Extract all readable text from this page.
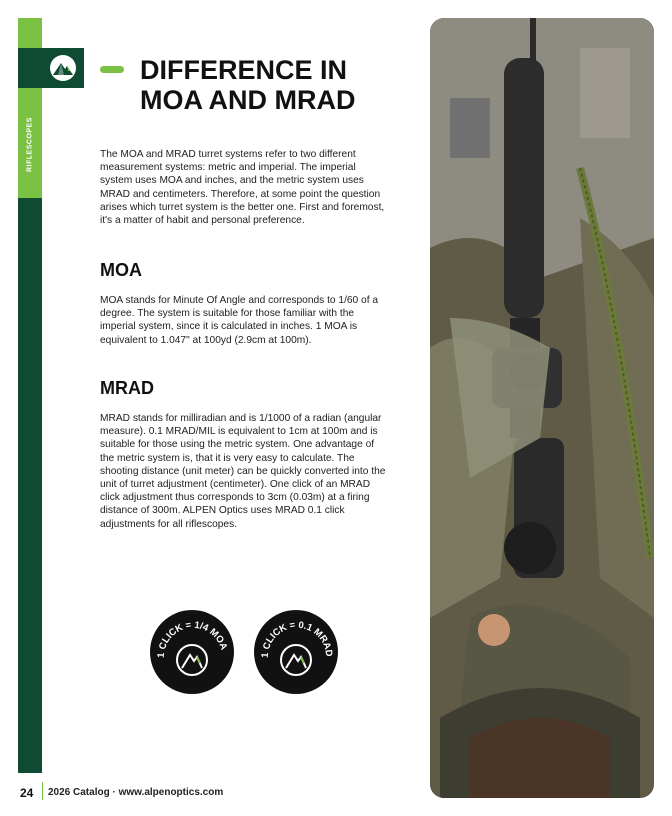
RIFLESCOPES
DIFFERENCE IN
MOA AND MRAD

The MOA and MRAD turret systems refer to two different measurement systems: metric and imperial. The imperial system uses MOA and inches, and the metric system uses MRAD and centimeters. Therefore, at some point the question arises which turret system is the better one. First and foremost, it's a matter of habit and personal preference.

MOA

MOA stands for Minute Of Angle and corresponds to 1/60 of a degree. The system is suitable for those familiar with the imperial system, since it is calculated in inches. 1 MOA is equivalent to 1.047" at 100yd (2.9cm at 100m).

MRAD

MRAD stands for milliradian and is 1/1000 of a radian (angular measure). 0.1 MRAD/MIL is equivalent to 1cm at 100m and is suitable for those using the metric system. One advantage of the metric system is, that it is very easy to calculate. The shooting distance (unit meter) can be quickly converted into the unit of turret adjustment (centimeter). One click of an MRAD click adjustment thus corresponds to 3cm (0.03m) at a firing distance of 300m. ALPEN Optics uses MRAD 0.1 click adjustments for all riflescopes.

1 CLICK = 1/4 MOA
1 CLICK = 0.1 MRAD
24 2026 Catalog · www.alpenoptics.com
